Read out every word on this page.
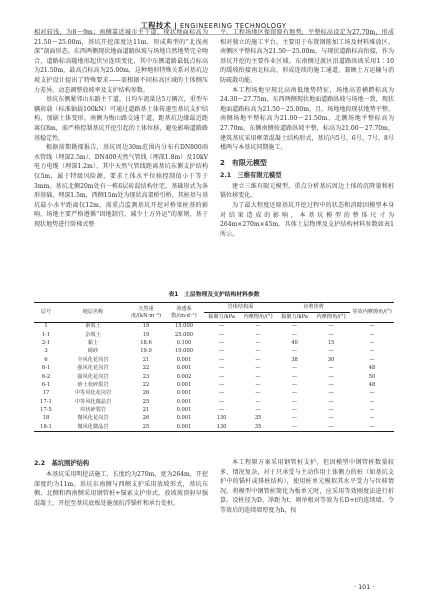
工程技术 | ENGINEERING TECHNOLOGY

相对较浅，为8～9m；南侧靠近城市主干道，现状地面标高为21.50～25.00m，基坑开挖深度达11m，形成典型的“北浅南深”剖面形态。东西两侧现状地面道路纵坡与场地自然地势完全吻合，道路标高随地形起伏呈连续变化，其中东侧道路最低点标高为21.50m，最高点标高为25.00m，这种地形特殊关系对基坑边坡支护设计提出了特殊要求——需根据不同标高区域的土体侧压力差异，动态调整放坡率及支护结构参数。

基坑东侧紧邻山东路主干道，日均车流量达5万辆次，重型车辆荷载（标准轴载100kN）可通过道路基土体传递至基坑支护结构，加剧土体变形。南侧为梅山路交通干道，距基坑边缘最近距离仅8m，需严格控制基坑开挖引起的土体位移，避免影响道路路基稳定性。

根据前期勘探报告，基坑周边30m范围内分布有DN800雨水管线（埋深2.5m）、DN400天然气管线（埋深1.8m）及10kV电力电缆（埋深1.2m），其中天然气管线距离基坑东侧支护结构仅5m，属于特级风险源，要求土体水平位移控制值小于等于3mm。基坑北侧20m处有一栋6层砖混结构住宅，基础形式为条形基础，埋深1.5m，西侧15m处为现状高架桥引桥，其桩基与基坑最小水平距离仅12m，需重点监测基坑开挖对桥梁桩基的影响。场地主要严格遵循“因地制宜，减少土方外运”的原则，基于现状地势进行阶梯式整

平，工程场地区保留原有地势，平整标高设定为27.70m，形成相对独立的施工平台，主要用于布置钢筋加工场及材料堆放区。南侧区平整标高为21.50～25.00m，与现状道路标高衔接，作为基坑开挖的主要作业区域。东南侧过渡区沿道路纵坡采用1∶10的缓坡衔接南北标高，形成连续的施工通道，兼顾土方运输与消防疏散功能。

本工程场地呈现北高南低地势特征，场地高差横跨标高为24.30～27.75m，东西两侧现状地面道路纵坡与场地一致，现状地面道路标高为21.50～25.00m，且，场地地段现状地势平整，南侧场地平整标高为21.00～21.50m，北侧场地平整标高为27.70m，东侧南侧按道路纵坡平整，标高为21.00～27.70m，建筑基坑采用框架混凝土结构形式，基坑内5号、6号、7号、8号楼两与本基坑同期施工。

2　有限元模型

2.1　三维有限元模型

建立三维有限元模型，重点分析基坑周边土体的沉降量和桩锚位移变化。

为了最大程度还原基坑开挖过程中的状态和消除因模型本身对结果造成的影响，本基坑模型的整体尺寸为264m×270m×45m。具体土层物理及支护结构材料参数如表1所示。

表1　土层物理及支护结构材料参数
层号	地层名称	天然重度/(kN·m⁻³)	渗透系数/(m·d⁻¹)	岩体结构面		直剪快剪		等效内摩擦角/(°)
				黏聚力/kPa	内摩擦角/(°)	黏聚力/kPa	内摩擦角/(°)	
1	素填土	19	15.000	—	—	—	—	—
1-1	杂填土	19	25.000	—	—	—	—	—
2-1	黏土	18.6	0.100	—	—	40	15	—
3	砾砂	19.0	10.000	—	—	—	—	—
6	全风化花岗岩	21	0.001	—	—	38	30	—
6-1	强风化花岗岩	22	0.001	—	—	—	—	48
6-2	强风化花岗岩	23	0.002	—	—	—	—	50
6-1	砂土状碎裂岩	22	0.001	—	—	—	—	48
17	中等风化花岗岩	26	0.001	—	—	—	—	—
17-1	中等风化微晶岩	25	0.001	—	—	—	—	—
17-5	块状碎裂岩	21	0.001	—	—	—	—	—
18	微风化花岗岩	26	0.001	130	35	—	—	—
18-1	微风化微晶岩	25	0.001	130	35	—	—	—

2.2　基坑围护结构

本基坑采用明挖法施工，长度约为270m，宽为264m，开挖深度约为11m。基坑东南侧与西侧支护采用放坡形式，基坑东侧、北侧和西南侧采用钢管桩+锚索支护形式。放坡坡顶射早强混凝土，开挖至基坑底板处施加抗浮锚杆和承台处桩。

本工程原方案采用钢管桩支护，但因模型中钢管桩数量较多，情况复杂，对于只承受与主动作用土体侧力的桩（如基坑支护中的锚杆或排桩结构），使用桩单元模拟其水平受力与位移情况。将模型中钢管桩简化为板单元时，应采用等效刚度法进行折算。设桩径为D，净距为t，则单根对等效为长D+t的连续墙。令等效后的连续墙厚度为h，按

· 101 ·
